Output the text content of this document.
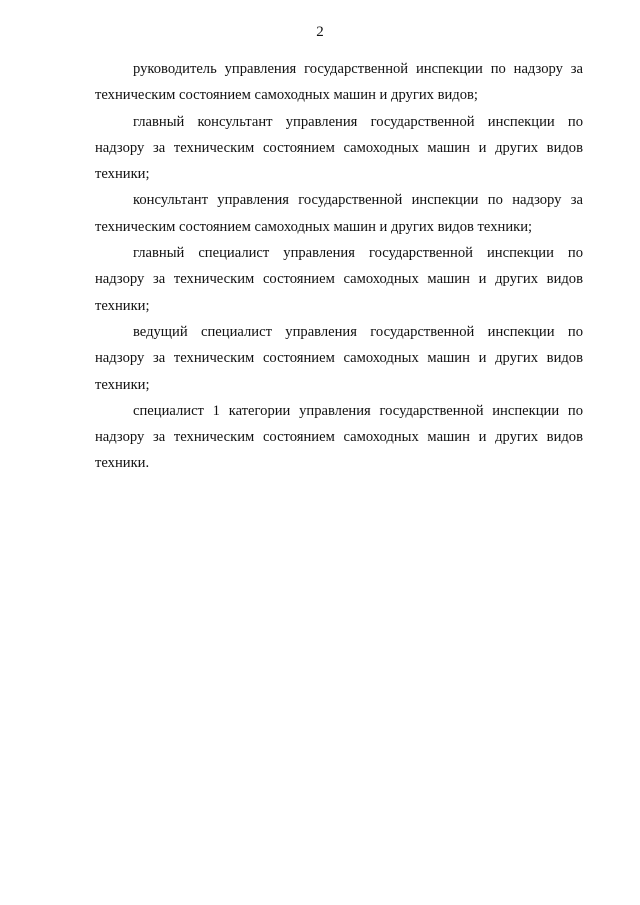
2

руководитель управления государственной инспекции по надзору за техническим состоянием самоходных машин и других видов;

главный консультант управления государственной инспекции по надзору за техническим состоянием самоходных машин и других видов техники;

консультант управления государственной инспекции по надзору за техническим состоянием самоходных машин и других видов техники;

главный специалист управления государственной инспекции по надзору за техническим состоянием самоходных машин и других видов техники;

ведущий специалист управления государственной инспекции по надзору за техническим состоянием самоходных машин и других видов техники;

специалист 1 категории управления государственной инспекции по надзору за техническим состоянием самоходных машин и других видов техники.
